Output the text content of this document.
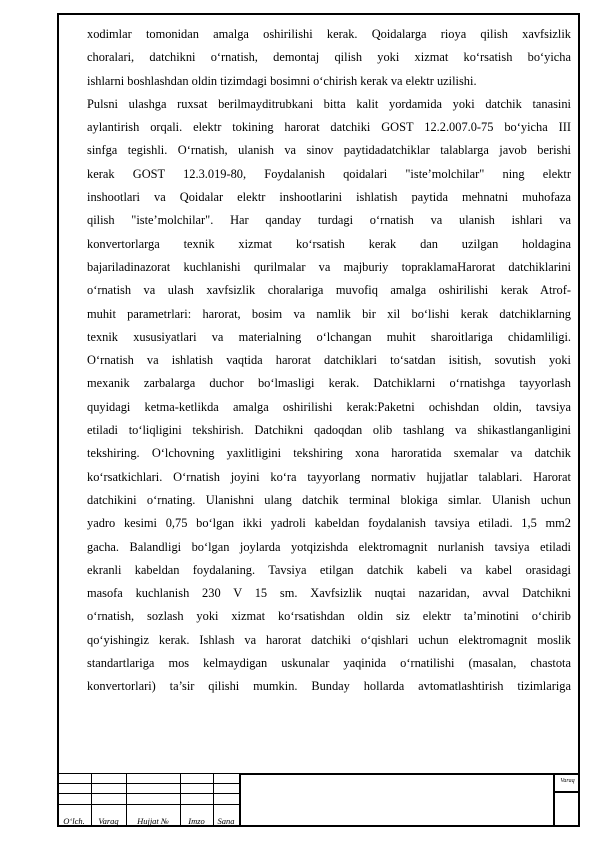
xodimlar tomonidan amalga oshirilishi kerak. Qoidalarga rioya qilish xavfsizlik

choralari, datchikni o‘rnatish, demontaj qilish yoki xizmat ko‘rsatish bo‘yicha

ishlarni boshlashdan oldin tizimdagi bosimni o‘chirish kerak va elektr uzilishi.

Pulsni ulashga ruxsat berilmayditrubkani bitta kalit yordamida yoki datchik tanasini

aylantirish orqali. elektr tokining harorat datchiki GOST 12.2.007.0-75 bo‘yicha III

sinfga tegishli. O‘rnatish, ulanish va sinov paytidadatchiklar talablarga javob berishi

kerak GOST 12.3.019-80, Foydalanish qoidalari "iste’molchilar" ning elektr

inshootlari va Qoidalar elektr inshootlarini ishlatish paytida mehnatni muhofaza

qilish "iste’molchilar". Har qanday turdagi o‘rnatish va ulanish ishlari va

konvertorlarga texnik xizmat ko‘rsatish kerak dan uzilgan holdagina

bajariladinazorat kuchlanishi qurilmalar va majburiy topraklamaHarorat datchiklarini

o‘rnatish va ulash xavfsizlik choralariga muvofiq amalga oshirilishi kerak Atrof-

muhit parametrlari: harorat, bosim va namlik bir xil bo‘lishi kerak datchiklarning

texnik xususiyatlari va materialning o‘lchangan muhit sharoitlariga chidamliligi.

O‘rnatish va ishlatish vaqtida harorat datchiklari to‘satdan isitish, sovutish yoki

mexanik zarbalarga duchor bo‘lmasligi kerak. Datchiklarni o‘rnatishga tayyorlash

quyidagi ketma-ketlikda amalga oshirilishi kerak:Paketni ochishdan oldin, tavsiya

etiladi to‘liqligini tekshirish. Datchikni qadoqdan olib tashlang va shikastlanganligini

tekshiring. O‘lchovning yaxlitligini tekshiring xona haroratida sxemalar va datchik

ko‘rsatkichlari. O‘rnatish joyini ko‘ra tayyorlang normativ hujjatlar talablari. Harorat

datchikini o‘rnating. Ulanishni ulang datchik terminal blokiga simlar. Ulanish uchun

yadro kesimi 0,75 bo‘lgan ikki yadroli kabeldan foydalanish tavsiya etiladi. 1,5 mm2

gacha. Balandligi bo‘lgan joylarda yotqizishda elektromagnit nurlanish tavsiya etiladi

ekranli kabeldan foydalaning. Tavsiya etilgan datchik kabeli va kabel orasidagi

masofa kuchlanish 230 V 15 sm. Xavfsizlik nuqtai nazaridan, avval Datchikni

o‘rnatish, sozlash yoki xizmat ko‘rsatishdan oldin siz elektr ta’minotini o‘chirib

qo‘yishingiz kerak. Ishlash va harorat datchiki o‘qishlari uchun elektromagnit moslik

standartlariga mos kelmaydigan uskunalar yaqinida o‘rnatilishi (masalan, chastota

konvertorlari) ta’sir qilishi mumkin. Bunday hollarda avtomatlashtirish tizimlariga

O‘lch.	Varaq	Hujjat №	Imzo	Sana
Varaq
